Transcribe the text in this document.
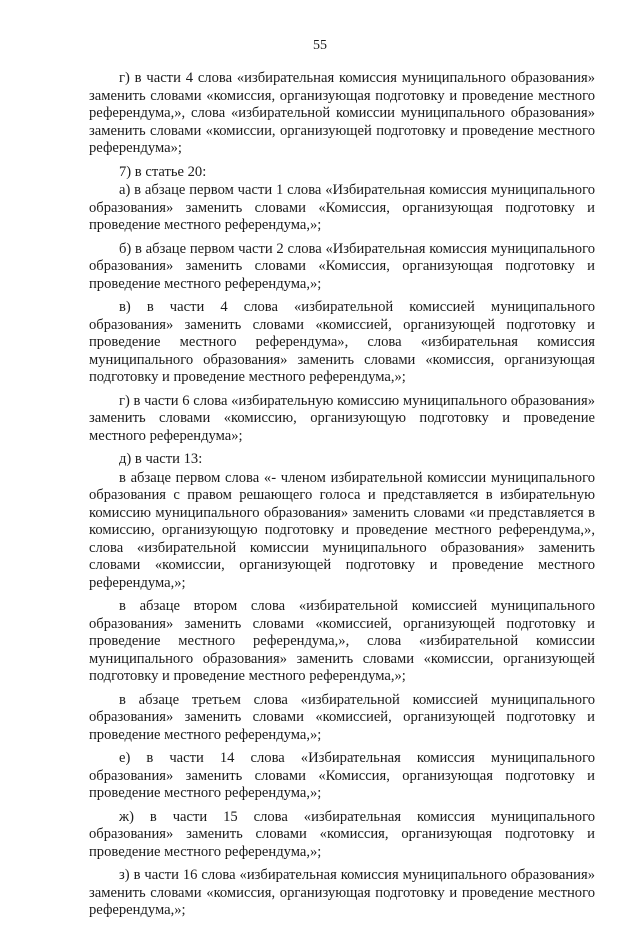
55

г) в части 4 слова «избирательная комиссия муниципального образования» заменить словами «комиссия, организующая подготовку и проведение местного референдума,», слова «избирательной комиссии муниципального образования» заменить словами «комиссии, организующей подготовку и проведение местного референдума»;

7) в статье 20:

а) в абзаце первом части 1 слова «Избирательная комиссия муниципального образования» заменить словами «Комиссия, организующая подготовку и проведение местного референдума,»;

б) в абзаце первом части 2 слова «Избирательная комиссия муниципального образования» заменить словами «Комиссия, организующая подготовку и проведение местного референдума,»;

в) в части 4 слова «избирательной комиссией муниципального образования» заменить словами «комиссией, организующей подготовку и проведение местного референдума», слова «избирательная комиссия муниципального образования» заменить словами «комиссия, организующая подготовку и проведение местного референдума,»;

г) в части 6 слова «избирательную комиссию муниципального образования» заменить словами «комиссию, организующую подготовку и проведение местного референдума»;

д) в части 13:

в абзаце первом слова «- членом избирательной комиссии муниципального образования с правом решающего голоса и представляется в избирательную комиссию муниципального образования» заменить словами «и представляется в комиссию, организующую подготовку и проведение местного референдума,», слова «избирательной комиссии муниципального образования» заменить словами «комиссии, организующей подготовку и проведение местного референдума,»;

в абзаце втором слова «избирательной комиссией муниципального образования» заменить словами «комиссией, организующей подготовку и проведение местного референдума,», слова «избирательной комиссии муниципального образования» заменить словами «комиссии, организующей подготовку и проведение местного референдума,»;

в абзаце третьем слова «избирательной комиссией муниципального образования» заменить словами «комиссией, организующей подготовку и проведение местного референдума,»;

е) в части 14 слова «Избирательная комиссия муниципального образования» заменить словами «Комиссия, организующая подготовку и проведение местного референдума,»;

ж) в части 15 слова «избирательная комиссия муниципального образования» заменить словами «комиссия, организующая подготовку и проведение местного референдума,»;

з) в части 16 слова «избирательная комиссия муниципального образования» заменить словами «комиссия, организующая подготовку и проведение местного референдума,»;
